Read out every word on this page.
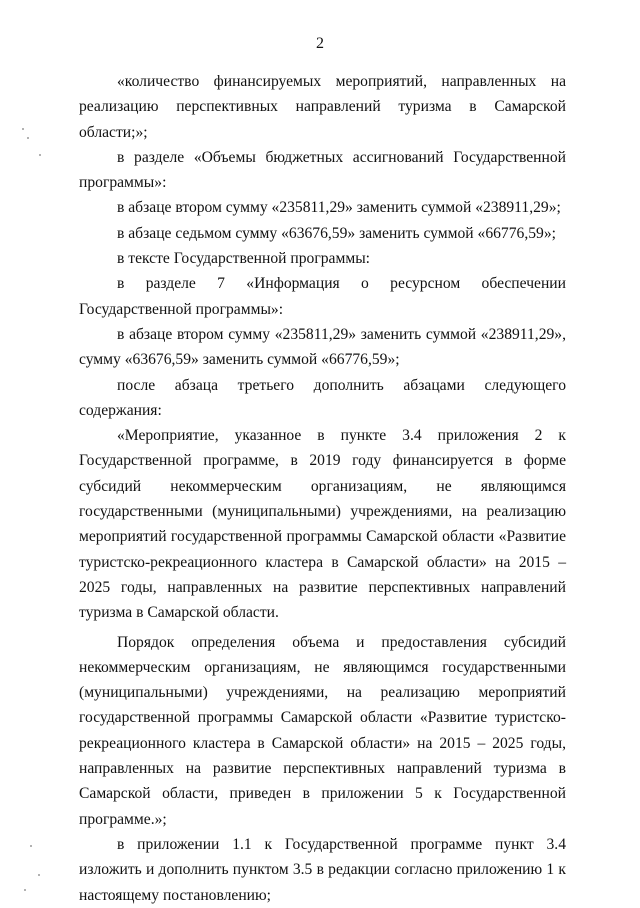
2

«количество финансируемых мероприятий, направленных на реализацию перспективных направлений туризма в Самарской области;»;

в разделе «Объемы бюджетных ассигнований Государственной программы»:

в абзаце втором сумму «235811,29» заменить суммой «238911,29»;

в абзаце седьмом сумму «63676,59» заменить суммой «66776,59»;

в тексте Государственной программы:

в разделе 7 «Информация о ресурсном обеспечении Государственной программы»:

в абзаце втором сумму «235811,29» заменить суммой «238911,29», сумму «63676,59» заменить суммой «66776,59»;

после абзаца третьего дополнить абзацами следующего содержания:

«Мероприятие, указанное в пункте 3.4 приложения 2 к Государственной программе, в 2019 году финансируется в форме субсидий некоммерческим организациям, не являющимся государственными (муниципальными) учреждениями, на реализацию мероприятий государственной программы Самарской области «Развитие туристско-рекреационного кластера в Самарской области» на 2015 – 2025 годы, направленных на развитие перспективных направлений туризма в Самарской области.

Порядок определения объема и предоставления субсидий некоммерческим организациям, не являющимся государственными (муниципальными) учреждениями, на реализацию мероприятий государственной программы Самарской области «Развитие туристско-рекреационного кластера в Самарской области» на 2015 – 2025 годы, направленных на развитие перспективных направлений туризма в Самарской области, приведен в приложении 5 к Государственной программе.»;

в приложении 1.1 к Государственной программе пункт 3.4 изложить и дополнить пунктом 3.5 в редакции согласно приложению 1 к настоящему постановлению;
